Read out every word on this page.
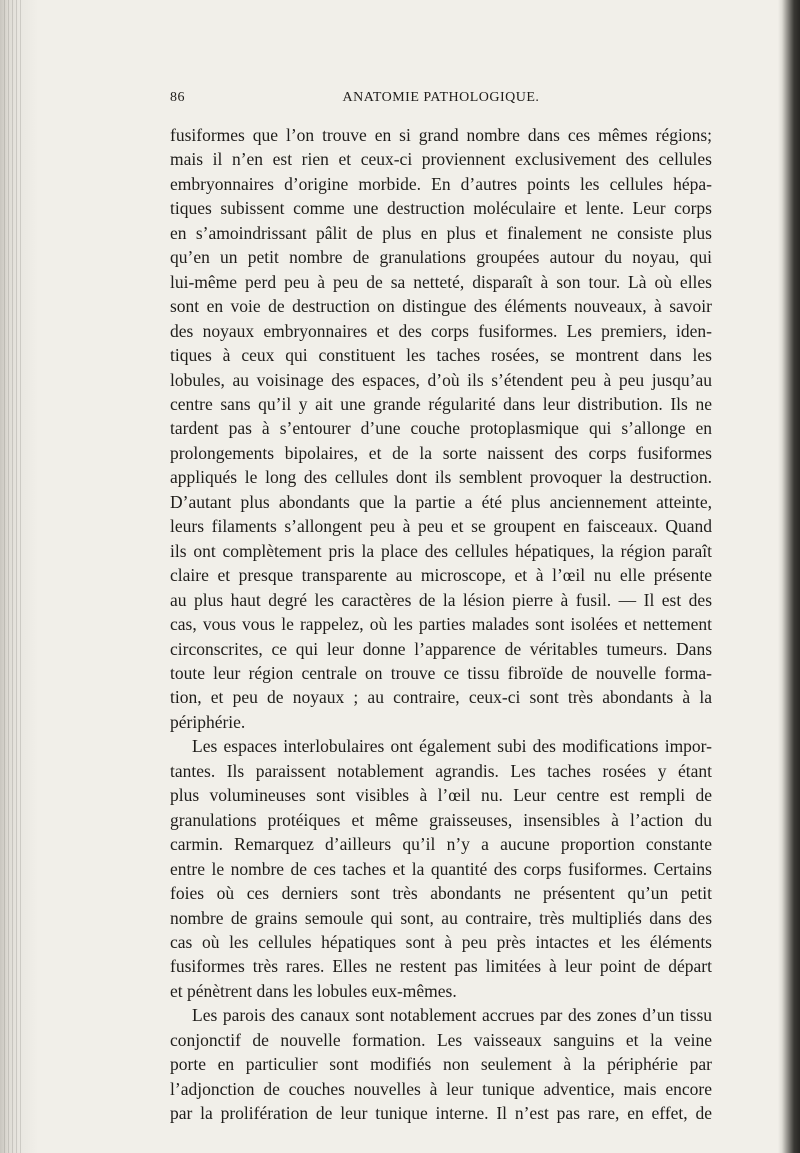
86	ANATOMIE PATHOLOGIQUE.

fusiformes que l’on trouve en si grand nombre dans ces mêmes régions;
mais il n’en est rien et ceux-ci proviennent exclusivement des cellules
embryonnaires d’origine morbide. En d’autres points les cellules hépa-
tiques subissent comme une destruction moléculaire et lente. Leur corps
en s’amoindrissant pâlit de plus en plus et finalement ne consiste plus
qu’en un petit nombre de granulations groupées autour du noyau, qui
lui-même perd peu à peu de sa netteté, disparaît à son tour. Là où elles
sont en voie de destruction on distingue des éléments nouveaux, à savoir
des noyaux embryonnaires et des corps fusiformes. Les premiers, iden-
tiques à ceux qui constituent les taches rosées, se montrent dans les
lobules, au voisinage des espaces, d’où ils s’étendent peu à peu jusqu’au
centre sans qu’il y ait une grande régularité dans leur distribution. Ils ne
tardent pas à s’entourer d’une couche protoplasmique qui s’allonge en
prolongements bipolaires, et de la sorte naissent des corps fusiformes
appliqués le long des cellules dont ils semblent provoquer la destruction.
D’autant plus abondants que la partie a été plus anciennement atteinte,
leurs filaments s’allongent peu à peu et se groupent en faisceaux. Quand
ils ont complètement pris la place des cellules hépatiques, la région paraît
claire et presque transparente au microscope, et à l’œil nu elle présente
au plus haut degré les caractères de la lésion pierre à fusil. — Il est des
cas, vous vous le rappelez, où les parties malades sont isolées et nettement
circonscrites, ce qui leur donne l’apparence de véritables tumeurs. Dans
toute leur région centrale on trouve ce tissu fibroïde de nouvelle forma-
tion, et peu de noyaux ; au contraire, ceux-ci sont très abondants à la
périphérie.

Les espaces interlobulaires ont également subi des modifications impor-
tantes. Ils paraissent notablement agrandis. Les taches rosées y étant
plus volumineuses sont visibles à l’œil nu. Leur centre est rempli de
granulations protéiques et même graisseuses, insensibles à l’action du
carmin. Remarquez d’ailleurs qu’il n’y a aucune proportion constante
entre le nombre de ces taches et la quantité des corps fusiformes. Certains
foies où ces derniers sont très abondants ne présentent qu’un petit
nombre de grains semoule qui sont, au contraire, très multipliés dans des
cas où les cellules hépatiques sont à peu près intactes et les éléments
fusiformes très rares. Elles ne restent pas limitées à leur point de départ
et pénètrent dans les lobules eux-mêmes.

Les parois des canaux sont notablement accrues par des zones d’un tissu
conjonctif de nouvelle formation. Les vaisseaux sanguins et la veine
porte en particulier sont modifiés non seulement à la périphérie par
l’adjonction de couches nouvelles à leur tunique adventice, mais encore
par la prolifération de leur tunique interne. Il n’est pas rare, en effet, de
